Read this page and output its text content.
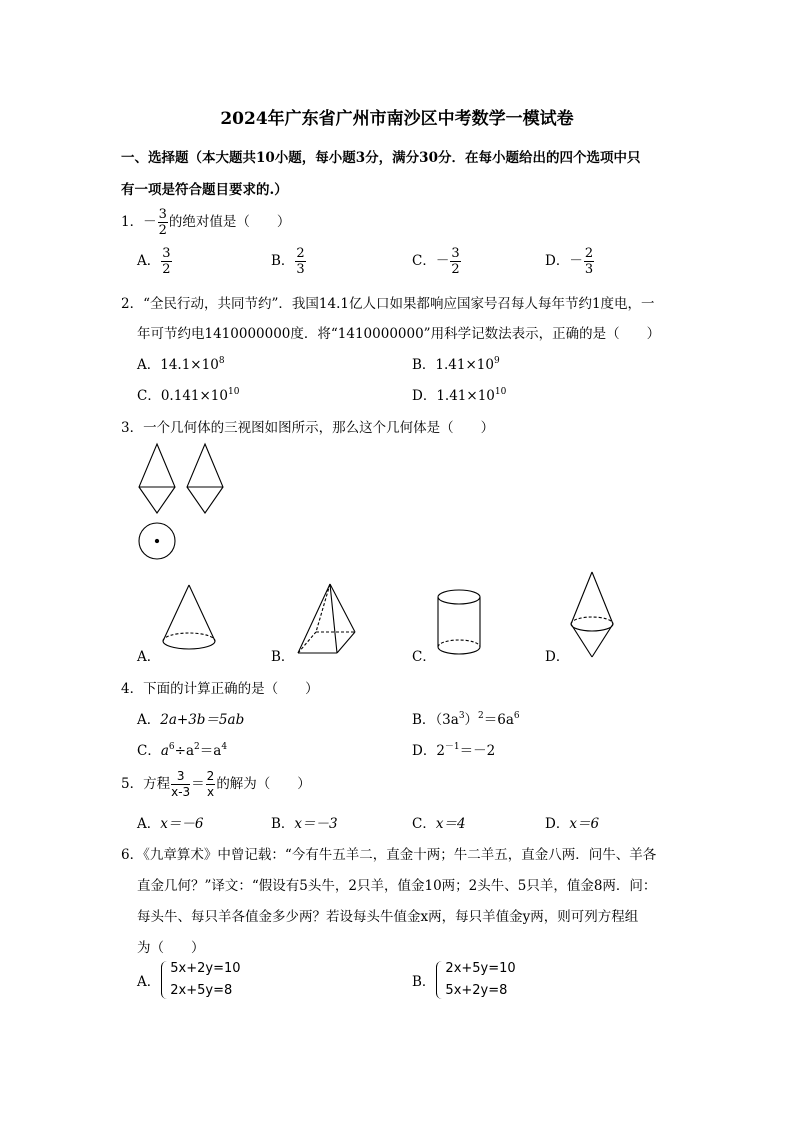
2024年广东省广州市南沙区中考数学一模试卷
一、选择题（本大题共10小题，每小题3分，满分30分．在每小题给出的四个选项中只
有一项是符合题目要求的.）
1．－ $\frac{3}{2}$ 的绝对值是（　　）
A． $\frac{3}{2}$	B． $\frac{2}{3}$	C．－ $\frac{3}{2}$	D．－ $\frac{2}{3}$
2．“全民行动，共同节约”．我国14.1亿人口如果都响应国家号召每人每年节约1度电，一
年可节约电1410000000度．将“1410000000”用科学记数法表示，正确的是（　　）
A．$14.1\times 10^8$	B．$1.41\times 10^9$
C．$0.141\times 10^{10}$	D．$1.41\times 10^{10}$
3．一个几何体的三视图如图所示，那么这个几何体是（　　）
A．	B．	C．	D．
4．下面的计算正确的是（　　）
A．2a+3b＝5ab	B．$(3a^3)^2=6a^6$
C．$a^6\div a^2=a^4$	D．$2^{-1}=-2$
5．方程 $\frac{3}{x-3} = \frac{2}{x}$ 的解为（　　）
A．x＝－6	B．x＝－3	C．x＝4	D．x＝6
6．《九章算术》中曾记载：“今有牛五羊二，直金十两；牛二羊五，直金八两．问牛、羊各
直金几何？”译文：“假设有5头牛，2只羊，值金10两；2头牛、5只羊，值金8两．问：
每头牛、每只羊各值金多少两？若设每头牛值金x两，每只羊值金y两，则可列方程组
为（　　）
A．
5x+2y=10
2x+5y=8
B．
2x+5y=10
5x+2y=8
